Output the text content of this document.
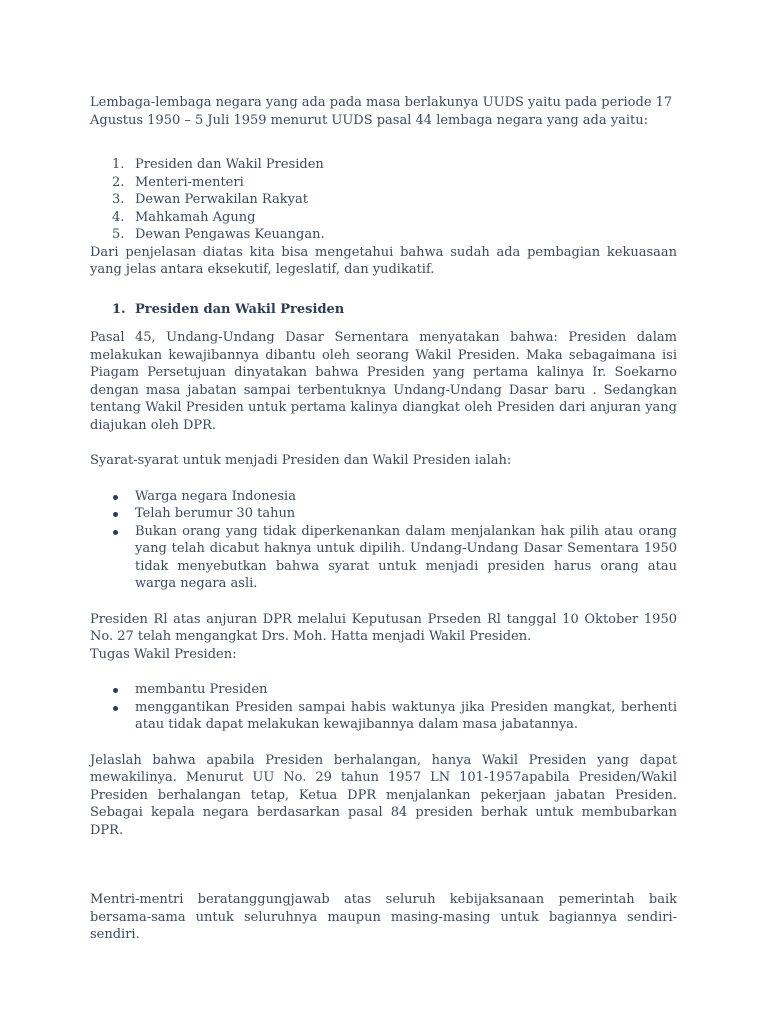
Lembaga-lembaga negara yang ada pada masa berlakunya UUDS yaitu pada periode 17 Agustus 1950 – 5 Juli 1959 menurut UUDS pasal 44 lembaga negara yang ada yaitu:

1. Presiden dan Wakil Presiden
2. Menteri-menteri
3. Dewan Perwakilan Rakyat
4. Mahkamah Agung
5. Dewan Pengawas Keuangan.

Dari penjelasan diatas kita bisa mengetahui bahwa sudah ada pembagian kekuasaan yang jelas antara eksekutif, legeslatif, dan yudikatif.

1. Presiden dan Wakil Presiden

Pasal 45, Undang-Undang Dasar Sernentara menyatakan bahwa: Presiden dalam melakukan kewajibannya dibantu oleh seorang Wakil Presiden. Maka sebagaimana isi Piagam Persetujuan dinyatakan bahwa Presiden yang pertama kalinya Ir. Soekarno dengan masa jabatan sampai terbentuknya Undang-Undang Dasar baru . Sedangkan tentang Wakil Presiden untuk pertama kalinya diangkat oleh Presiden dari anjuran yang diajukan oleh DPR.

Syarat-syarat untuk menjadi Presiden dan Wakil Presiden ialah:

Warga negara Indonesia
Telah berumur 30 tahun
Bukan orang yang tidak diperkenankan dalam menjalankan hak pilih atau orang yang telah dicabut haknya untuk dipilih. Undang-Undang Dasar Sementara 1950 tidak menyebutkan bahwa syarat untuk menjadi presiden harus orang atau warga negara asli.

Presiden Rl atas anjuran DPR melalui Keputusan Prseden Rl tanggal 10 Oktober 1950 No. 27 telah mengangkat Drs. Moh. Hatta menjadi Wakil Presiden.

Tugas Wakil Presiden:

membantu Presiden
menggantikan Presiden sampai habis waktunya jika Presiden mangkat, berhenti atau tidak dapat melakukan kewajibannya dalam masa jabatannya.

Jelaslah bahwa apabila Presiden berhalangan, hanya Wakil Presiden yang dapat mewakilinya. Menurut UU No. 29 tahun 1957 LN 101-1957apabila Presiden/Wakil Presiden berhalangan tetap, Ketua DPR menjalankan pekerjaan jabatan Presiden. Sebagai kepala negara berdasarkan pasal 84 presiden berhak untuk membubarkan DPR.

Mentri-mentri beratanggungjawab atas seluruh kebijaksanaan pemerintah baik bersama-sama untuk seluruhnya maupun masing-masing untuk bagiannya sendiri-sendiri.
